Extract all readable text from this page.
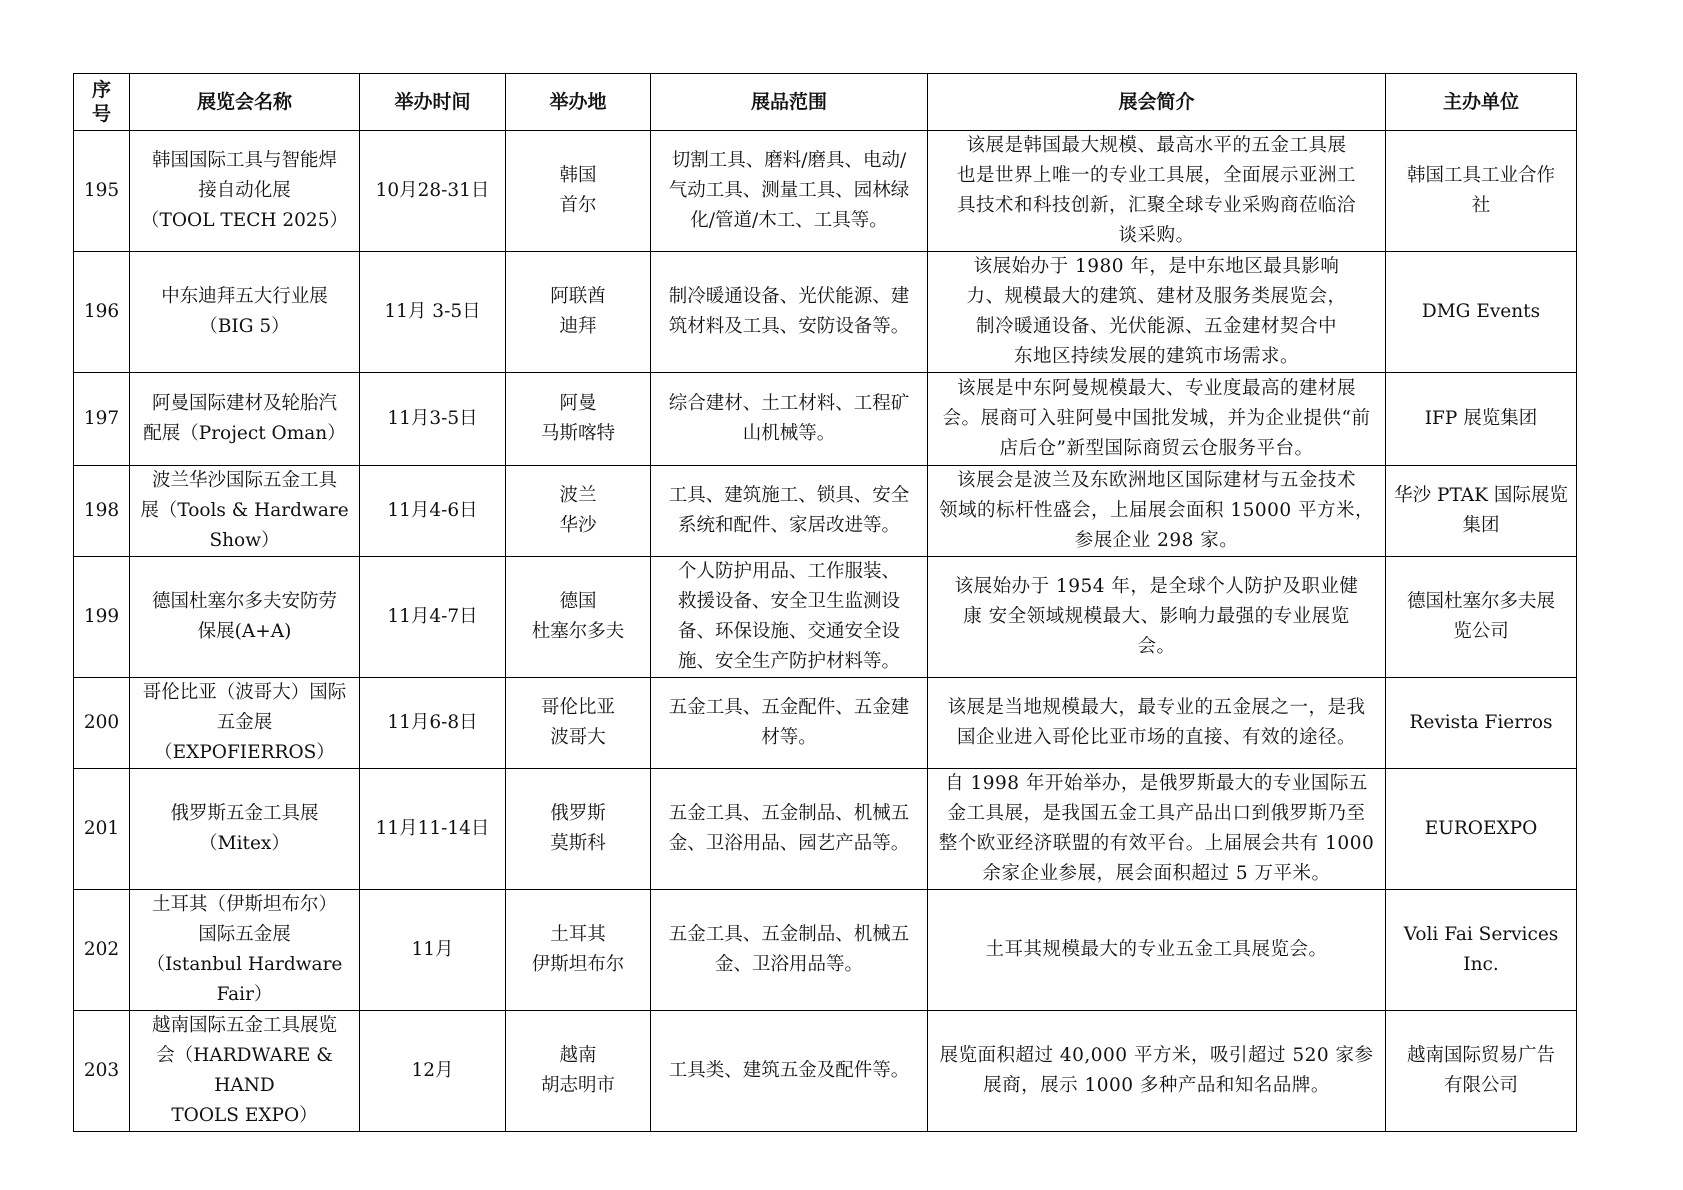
序号	展览会名称	举办时间	举办地	展品范围	展会简介	主办单位
195	韩国国际工具与智能焊
接自动化展
（TOOL TECH 2025）	10月28-31日	韩国
首尔	切割工具、磨料/磨具、电动/
气动工具、测量工具、园林绿
化/管道/木工、工具等。	该展是韩国最大规模、最高水平的五金工具展
也是世界上唯一的专业工具展，全面展示亚洲工
具技术和科技创新，汇聚全球专业采购商莅临洽
谈采购。	韩国工具工业合作
社
196	中东迪拜五大行业展
（BIG 5）	11月 3-5日	阿联酋
迪拜	制冷暖通设备、光伏能源、建
筑材料及工具、安防设备等。	该展始办于 1980 年，是中东地区最具影响
力、规模最大的建筑、建材及服务类展览会，
制冷暖通设备、光伏能源、五金建材契合中
东地区持续发展的建筑市场需求。	DMG Events
197	阿曼国际建材及轮胎汽
配展（Project Oman）	11月3-5日	阿曼
马斯喀特	综合建材、土工材料、工程矿
山机械等。	该展是中东阿曼规模最大、专业度最高的建材展
会。展商可入驻阿曼中国批发城，并为企业提供“前
店后仓”新型国际商贸云仓服务平台。	IFP 展览集团
198	波兰华沙国际五金工具
展（Tools & Hardware
Show）	11月4-6日	波兰
华沙	工具、建筑施工、锁具、安全
系统和配件、家居改进等。	该展会是波兰及东欧洲地区国际建材与五金技术
领域的标杆性盛会，上届展会面积 15000 平方米，
参展企业 298 家。	华沙 PTAK 国际展览
集团
199	德国杜塞尔多夫安防劳
保展(A+A)	11月4-7日	德国
杜塞尔多夫	个人防护用品、工作服装、
救援设备、安全卫生监测设
备、环保设施、交通安全设
施、安全生产防护材料等。	该展始办于 1954 年，是全球个人防护及职业健
康 安全领域规模最大、影响力最强的专业展览
会。	德国杜塞尔多夫展
览公司
200	哥伦比亚（波哥大）国际
五金展（EXPOFIERROS）	11月6-8日	哥伦比亚
波哥大	五金工具、五金配件、五金建
材等。	该展是当地规模最大，最专业的五金展之一，是我
国企业进入哥伦比亚市场的直接、有效的途径。	Revista Fierros
201	俄罗斯五金工具展
（Mitex）	11月11-14日	俄罗斯
莫斯科	五金工具、五金制品、机械五
金、卫浴用品、园艺产品等。	自 1998 年开始举办，是俄罗斯最大的专业国际五
金工具展，是我国五金工具产品出口到俄罗斯乃至
整个欧亚经济联盟的有效平台。上届展会共有 1000
余家企业参展，展会面积超过 5 万平米。	EUROEXPO
202	土耳其（伊斯坦布尔）
国际五金展
（Istanbul Hardware
Fair）	11月	土耳其
伊斯坦布尔	五金工具、五金制品、机械五
金、卫浴用品等。	土耳其规模最大的专业五金工具展览会。	Voli Fai Services
Inc.
203	越南国际五金工具展览
会（HARDWARE & HAND
TOOLS EXPO）	12月	越南
胡志明市	工具类、建筑五金及配件等。	展览面积超过 40,000 平方米，吸引超过 520 家参
展商，展示 1000 多种产品和知名品牌。	越南国际贸易广告
有限公司
